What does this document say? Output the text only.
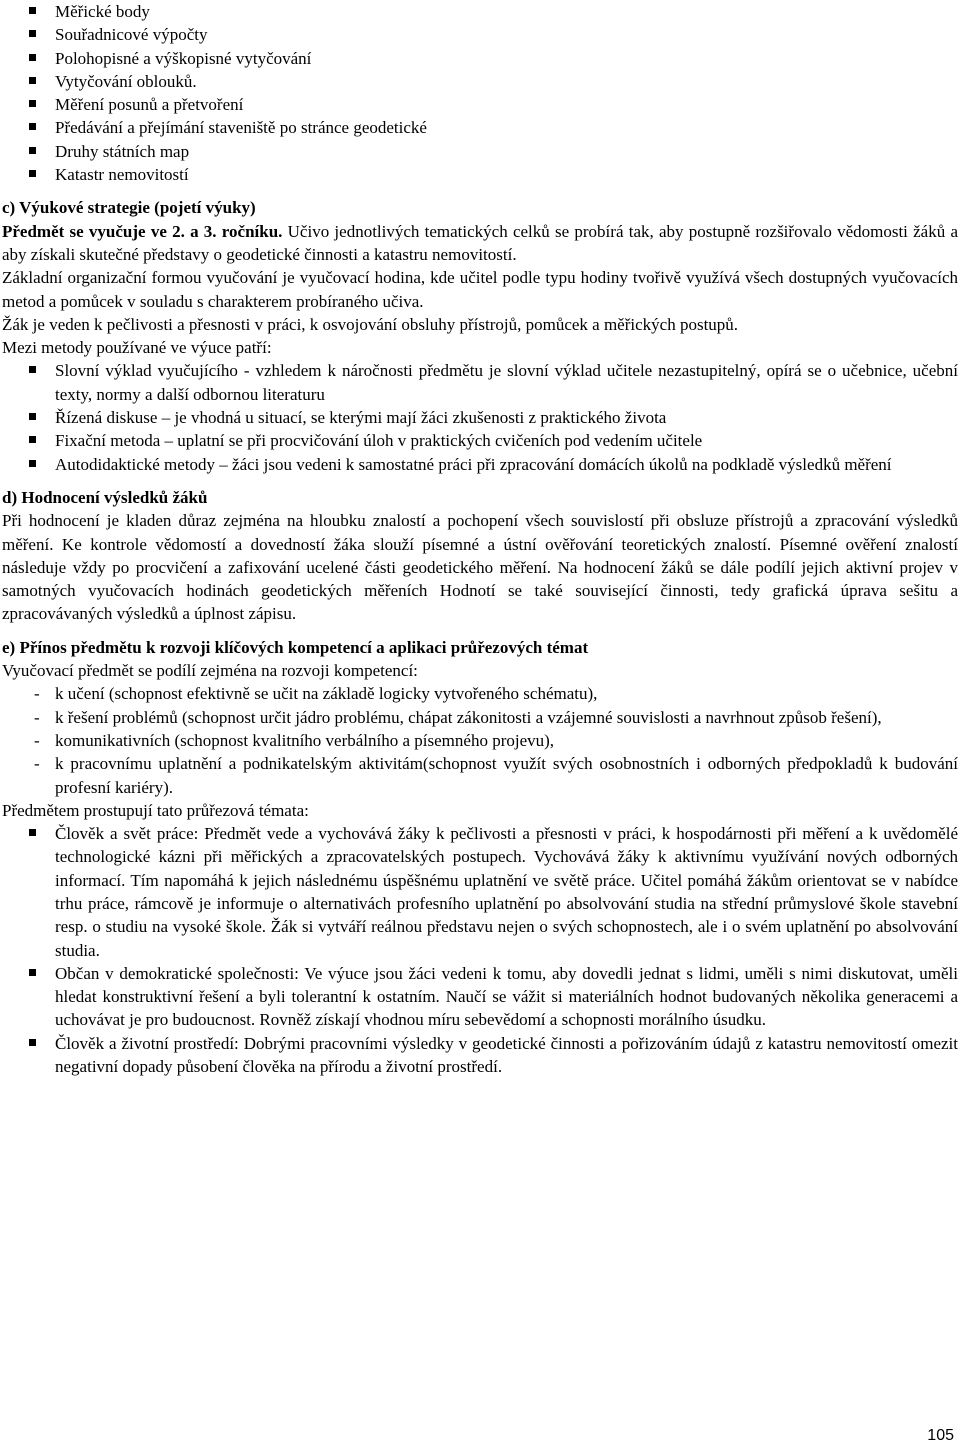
Měřické body
Souřadnicové výpočty
Polohopisné a výškopisné vytyčování
Vytyčování oblouků.
Měření posunů a přetvoření
Předávání a přejímání staveniště po stránce geodetické
Druhy státních map
Katastr nemovitostí
c) Výukové strategie (pojetí výuky)

Předmět se vyučuje ve 2. a 3. ročníku. Učivo jednotlivých tematických celků se probírá tak, aby postupně rozšiřovalo vědomosti žáků a aby získali skutečné představy o geodetické činnosti a katastru nemovitostí.

Základní organizační formou vyučování je vyučovací hodina, kde učitel podle typu hodiny tvořivě využívá všech dostupných vyučovacích metod a pomůcek v souladu s charakterem probíraného učiva.

Žák je veden k pečlivosti a přesnosti v práci, k osvojování obsluhy přístrojů, pomůcek a měřických postupů.

Mezi metody používané ve výuce patří:

Slovní výklad vyučujícího - vzhledem k náročnosti předmětu je slovní výklad učitele nezastupitelný, opírá se o učebnice, učební texty, normy a další odbornou literaturu
Řízená diskuse – je vhodná u situací, se kterými mají žáci zkušenosti z praktického života
Fixační metoda – uplatní se při procvičování úloh v praktických cvičeních pod vedením učitele
Autodidaktické metody – žáci jsou vedeni k samostatné práci při zpracování domácích úkolů na podkladě výsledků měření
d) Hodnocení výsledků žáků

Při hodnocení je kladen důraz zejména na hloubku znalostí a pochopení všech souvislostí při obsluze přístrojů a zpracování výsledků měření. Ke kontrole vědomostí a dovedností žáka slouží písemné a ústní ověřování teoretických znalostí. Písemné ověření znalostí následuje vždy po procvičení a zafixování ucelené části geodetického měření. Na hodnocení žáků se dále podílí jejich aktivní projev v samotných vyučovacích hodinách geodetických měřeních Hodnotí se také související činnosti, tedy grafická úprava sešitu a zpracovávaných výsledků a úplnost zápisu.

e) Přínos předmětu k rozvoji klíčových kompetencí a aplikaci průřezových témat

Vyučovací předmět se podílí zejména na rozvoji kompetencí:

- k učení (schopnost efektivně se učit na základě logicky vytvořeného schématu),
- k řešení problémů (schopnost určit jádro problému, chápat zákonitosti a vzájemné souvislosti a navrhnout způsob řešení),
- komunikativních (schopnost kvalitního verbálního a písemného projevu),
- k pracovnímu uplatnění a podnikatelským aktivitám(schopnost využít svých osobnostních i odborných předpokladů k budování profesní kariéry).

Předmětem prostupují tato průřezová témata:

Člověk a svět práce: Předmět vede a vychovává žáky k pečlivosti a přesnosti v práci, k hospodárnosti při měření a k uvědomělé technologické kázni při měřických a zpracovatelských postupech. Vychovává žáky k aktivnímu využívání nových odborných informací. Tím napomáhá k jejich následnému úspěšnému uplatnění ve světě práce. Učitel pomáhá žákům orientovat se v nabídce trhu práce, rámcově je informuje o alternativách profesního uplatnění po absolvování studia na střední průmyslové škole stavební resp. o studiu na vysoké škole. Žák si vytváří reálnou představu nejen o svých schopnostech, ale i o svém uplatnění po absolvování studia.
Občan v demokratické společnosti: Ve výuce jsou žáci vedeni k tomu, aby dovedli jednat s lidmi, uměli s nimi diskutovat, uměli hledat konstruktivní řešení a byli tolerantní k ostatním. Naučí se vážit si materiálních hodnot budovaných několika generacemi a uchovávat je pro budoucnost. Rovněž získají vhodnou míru sebevědomí a schopnosti morálního úsudku.
Člověk a životní prostředí: Dobrými pracovními výsledky v geodetické činnosti a pořizováním údajů z katastru nemovitostí omezit negativní dopady působení člověka na přírodu a životní prostředí.
105
